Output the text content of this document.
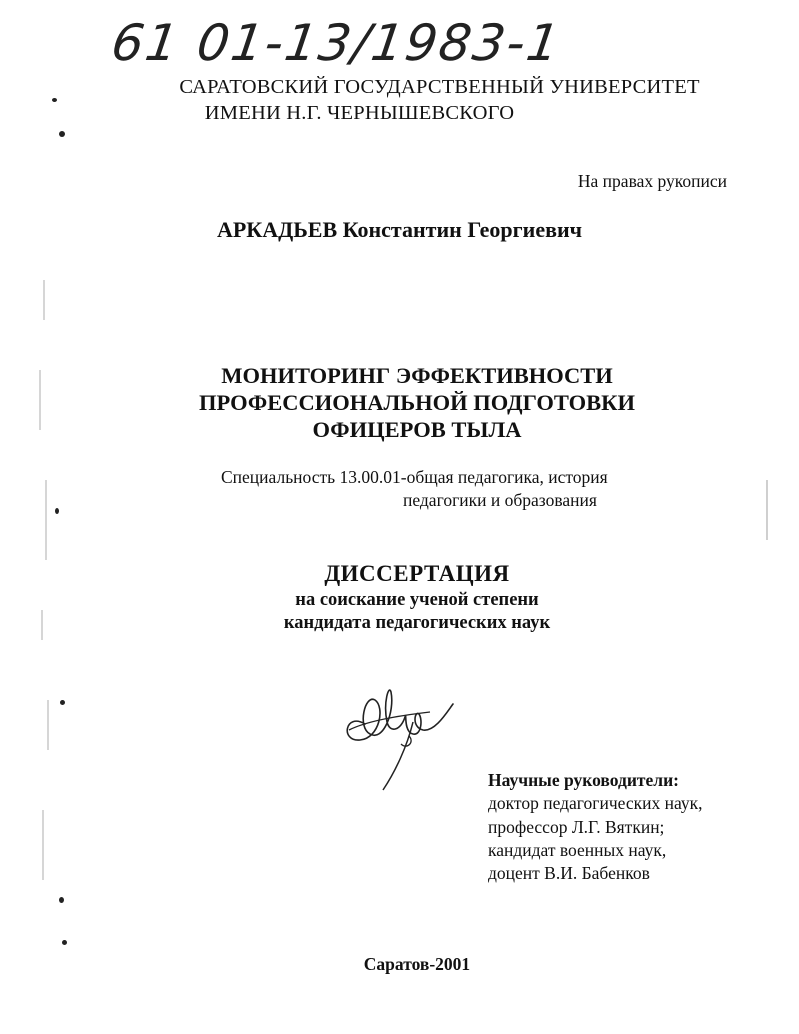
61 01-13/1983-1
САРАТОВСКИЙ ГОСУДАРСТВЕННЫЙ УНИВЕРСИТЕТ
ИМЕНИ Н.Г. ЧЕРНЫШЕВСКОГО
На правах рукописи
АРКАДЬЕВ Константин Георгиевич
МОНИТОРИНГ ЭФФЕКТИВНОСТИ
ПРОФЕССИОНАЛЬНОЙ ПОДГОТОВКИ
ОФИЦЕРОВ ТЫЛА
Специальность 13.00.01-общая педагогика, история
педагогики и образования
ДИССЕРТАЦИЯ
на соискание ученой степени
кандидата педагогических наук
Научные руководители:
доктор педагогических наук,
профессор Л.Г. Вяткин;
кандидат военных наук,
доцент В.И. Бабенков
Саратов-2001
